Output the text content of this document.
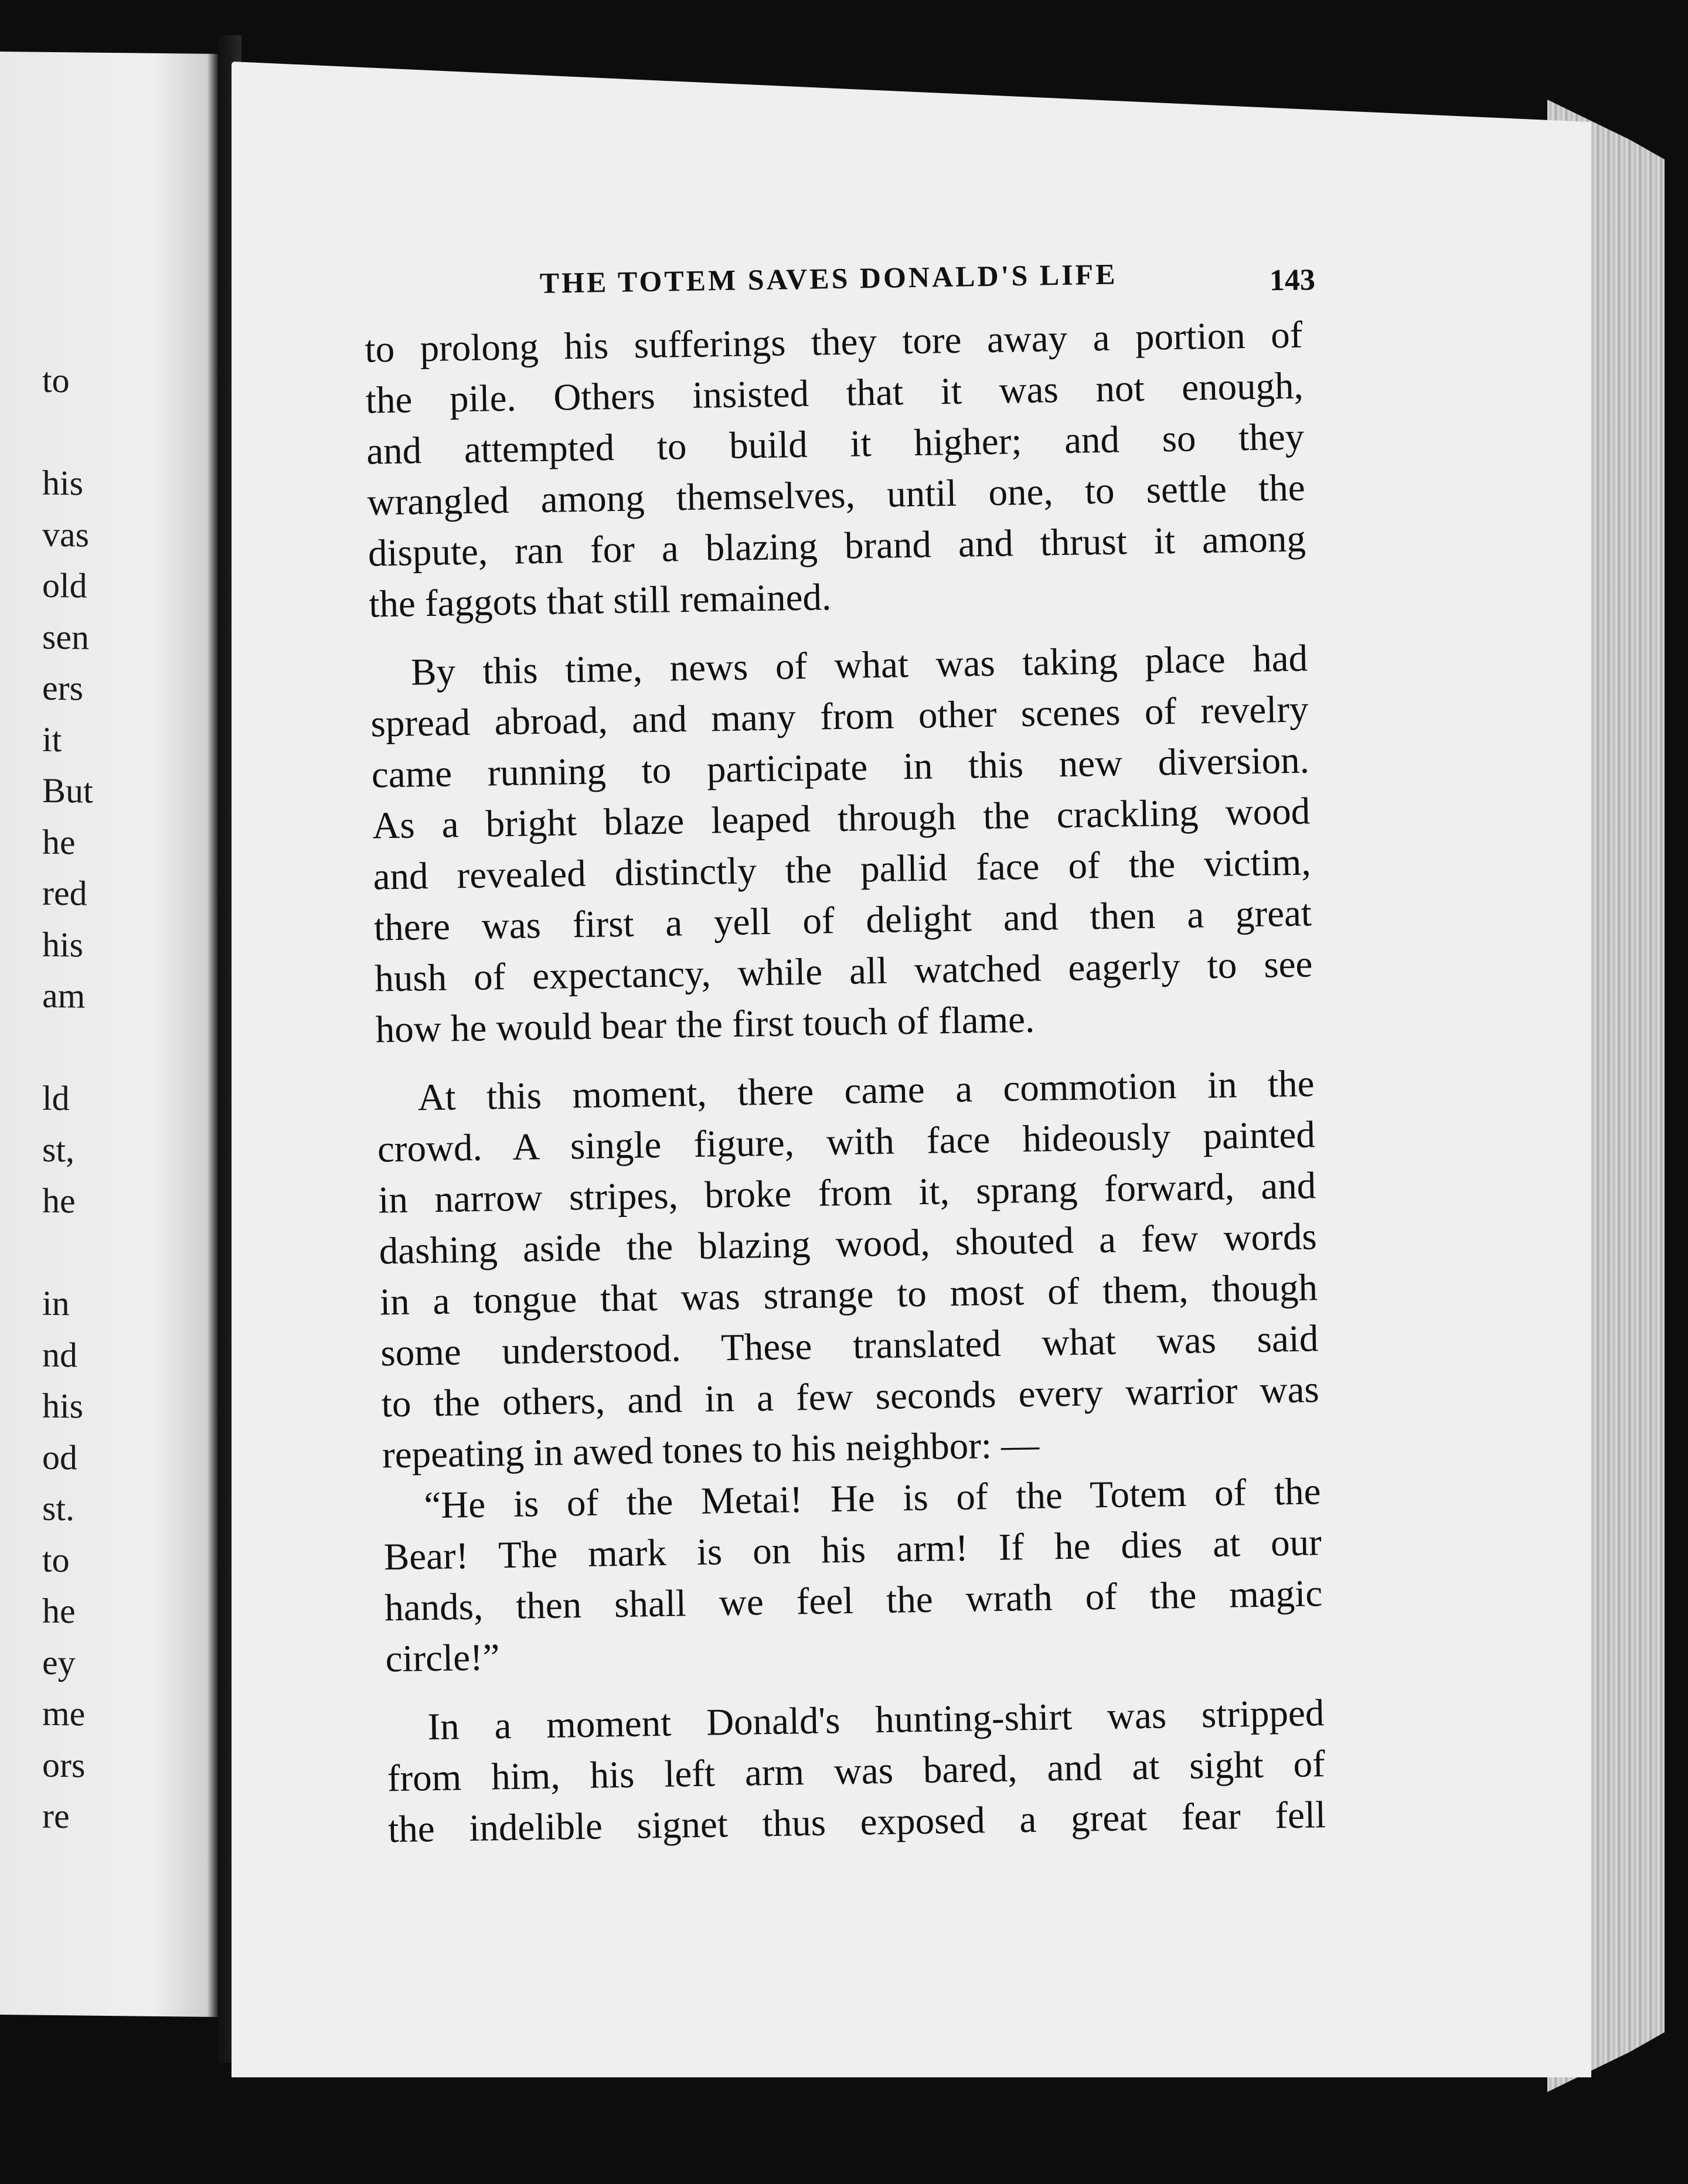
to
his
vas
old
sen
ers
it
But
he
red
his
am
ld
st,
he
in
nd
his
od
st.
to
he
ey
me
ors
re
THE TOTEM SAVES DONALD'S LIFE	143
to prolong his sufferings they tore away a portion of
the pile. Others insisted that it was not enough,
and attempted to build it higher; and so they
wrangled among themselves, until one, to settle the
dispute, ran for a blazing brand and thrust it among
the faggots that still remained.
By this time, news of what was taking place had
spread abroad, and many from other scenes of revelry
came running to participate in this new diversion.
As a bright blaze leaped through the crackling wood
and revealed distinctly the pallid face of the victim,
there was first a yell of delight and then a great
hush of expectancy, while all watched eagerly to see
how he would bear the first touch of flame.
At this moment, there came a commotion in the
crowd. A single figure, with face hideously painted
in narrow stripes, broke from it, sprang forward, and
dashing aside the blazing wood, shouted a few words
in a tongue that was strange to most of them, though
some understood. These translated what was said
to the others, and in a few seconds every warrior was
repeating in awed tones to his neighbor: —
“He is of the Metai! He is of the Totem of the
Bear! The mark is on his arm! If he dies at our
hands, then shall we feel the wrath of the magic
circle!”
In a moment Donald's hunting-shirt was stripped
from him, his left arm was bared, and at sight of
the indelible signet thus exposed a great fear fell
